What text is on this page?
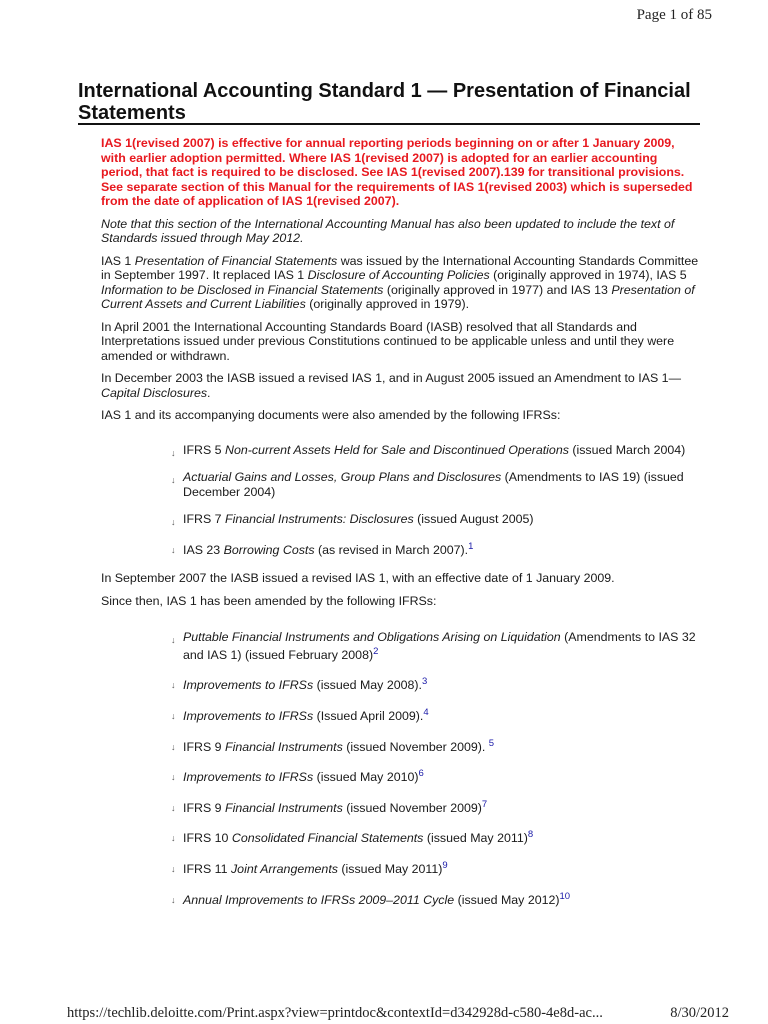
Page 1 of 85
International Accounting Standard 1 — Presentation of Financial Statements

IAS 1(revised 2007) is effective for annual reporting periods beginning on or after 1 January 2009, with earlier adoption permitted. Where IAS 1(revised 2007) is adopted for an earlier accounting period, that fact is required to be disclosed. See IAS 1(revised 2007).139 for transitional provisions. See separate section of this Manual for the requirements of IAS 1(revised 2003) which is superseded from the date of application of IAS 1(revised 2007).

Note that this section of the International Accounting Manual has also been updated to include the text of Standards issued through May 2012.

IAS 1 Presentation of Financial Statements was issued by the International Accounting Standards Committee in September 1997. It replaced IAS 1 Disclosure of Accounting Policies (originally approved in 1974), IAS 5 Information to be Disclosed in Financial Statements (originally approved in 1977) and IAS 13 Presentation of Current Assets and Current Liabilities (originally approved in 1979).

In April 2001 the International Accounting Standards Board (IASB) resolved that all Standards and Interpretations issued under previous Constitutions continued to be applicable unless and until they were amended or withdrawn.

In December 2003 the IASB issued a revised IAS 1, and in August 2005 issued an Amendment to IAS 1—Capital Disclosures.

IAS 1 and its accompanying documents were also amended by the following IFRSs:

↓ IFRS 5 Non-current Assets Held for Sale and Discontinued Operations (issued March 2004)
↓ Actuarial Gains and Losses, Group Plans and Disclosures (Amendments to IAS 19) (issued December 2004)
↓ IFRS 7 Financial Instruments: Disclosures (issued August 2005)
↓ IAS 23 Borrowing Costs (as revised in March 2007).$^1$

In September 2007 the IASB issued a revised IAS 1, with an effective date of 1 January 2009.

Since then, IAS 1 has been amended by the following IFRSs:

↓ Puttable Financial Instruments and Obligations Arising on Liquidation (Amendments to IAS 32 and IAS 1) (issued February 2008)$^2$
↓ Improvements to IFRSs (issued May 2008).$^3$
↓ Improvements to IFRSs (Issued April 2009).$^4$
↓ IFRS 9 Financial Instruments (issued November 2009). $^5$
↓ Improvements to IFRSs (issued May 2010)$^6$
↓ IFRS 9 Financial Instruments (issued November 2009)$^7$
↓ IFRS 10 Consolidated Financial Statements (issued May 2011)$^8$
↓ IFRS 11 Joint Arrangements (issued May 2011)$^9$
↓ Annual Improvements to IFRSs 2009–2011 Cycle (issued May 2012)$^{10}$
https://techlib.deloitte.com/Print.aspx?view=printdoc&contextId=d342928d-c580-4e8d-ac...	8/30/2012
